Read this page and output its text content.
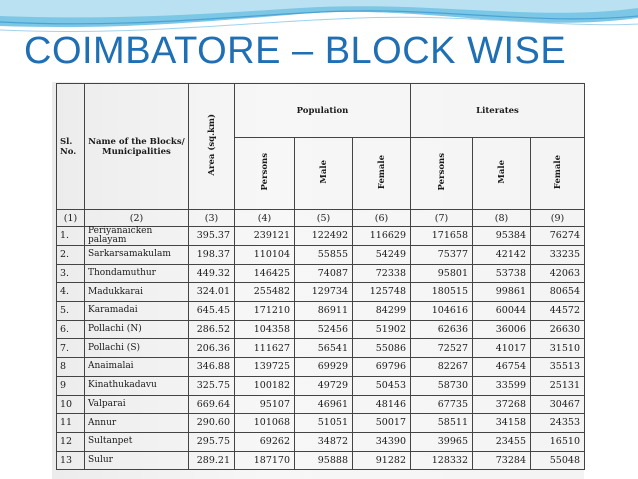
COIMBATORE – BLOCK WISE
Sl. No.	Name of the Blocks/ Municipalities	Area (sq.km)	Population			Literates		
			Persons	Male	Female	Persons	Male	Female
(1)	(2)	(3)	(4)	(5)	(6)	(7)	(8)	(9)
1.	Periyanaicken palayam	395.37	239121	122492	116629	171658	95384	76274
2.	Sarkarsamakulam	198.37	110104	55855	54249	75377	42142	33235
3.	Thondamuthur	449.32	146425	74087	72338	95801	53738	42063
4.	Madukkarai	324.01	255482	129734	125748	180515	99861	80654
5.	Karamadai	645.45	171210	86911	84299	104616	60044	44572
6.	Pollachi (N)	286.52	104358	52456	51902	62636	36006	26630
7.	Pollachi (S)	206.36	111627	56541	55086	72527	41017	31510
8	Anaimalai	346.88	139725	69929	69796	82267	46754	35513
9	Kinathukadavu	325.75	100182	49729	50453	58730	33599	25131
10	Valparai	669.64	95107	46961	48146	67735	37268	30467
11	Annur	290.60	101068	51051	50017	58511	34158	24353
12	Sultanpet	295.75	69262	34872	34390	39965	23455	16510
13	Sulur	289.21	187170	95888	91282	128332	73284	55048
